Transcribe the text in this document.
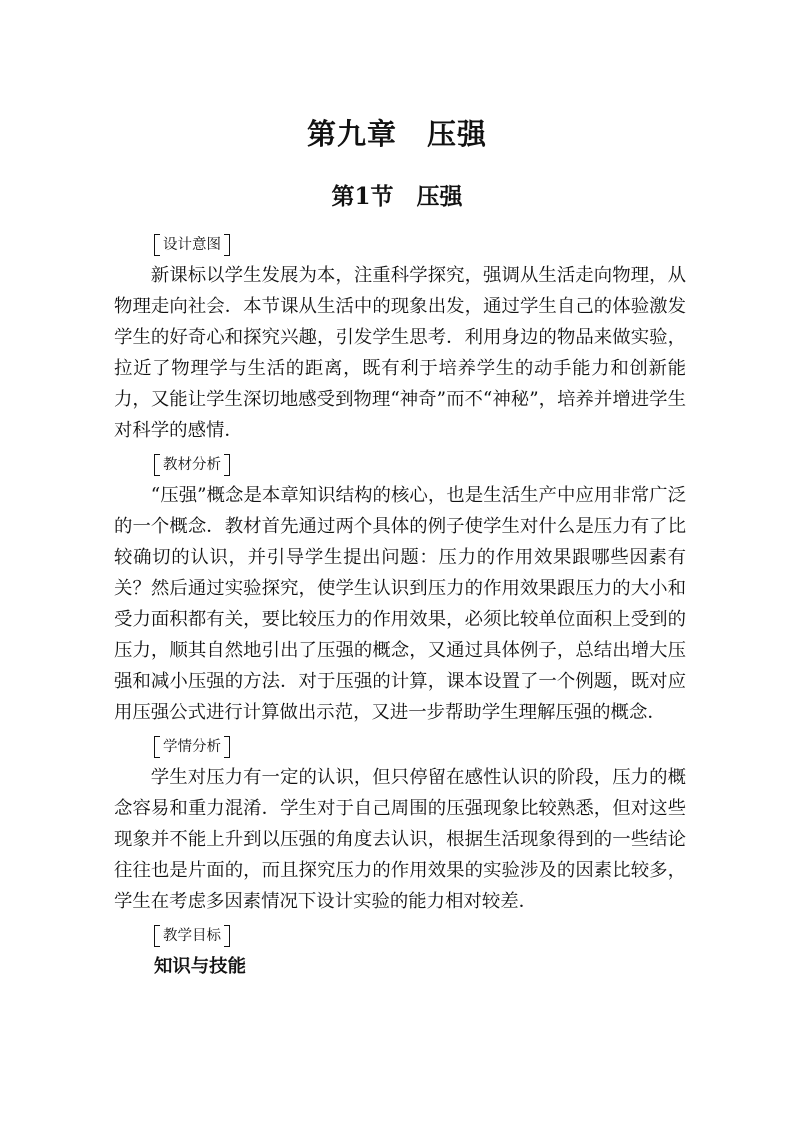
第九章　压强
第1节　压强
设计意图

新课标以学生发展为本，注重科学探究，强调从生活走向物理，从物理走向社会．本节课从生活中的现象出发，通过学生自己的体验激发学生的好奇心和探究兴趣，引发学生思考．利用身边的物品来做实验，拉近了物理学与生活的距离，既有利于培养学生的动手能力和创新能力，又能让学生深切地感受到物理“神奇”而不“神秘”，培养并增进学生对科学的感情．

教材分析

“压强”概念是本章知识结构的核心，也是生活生产中应用非常广泛的一个概念．教材首先通过两个具体的例子使学生对什么是压力有了比较确切的认识，并引导学生提出问题：压力的作用效果跟哪些因素有关？然后通过实验探究，使学生认识到压力的作用效果跟压力的大小和受力面积都有关，要比较压力的作用效果，必须比较单位面积上受到的压力，顺其自然地引出了压强的概念，又通过具体例子，总结出增大压强和减小压强的方法．对于压强的计算，课本设置了一个例题，既对应用压强公式进行计算做出示范，又进一步帮助学生理解压强的概念．

学情分析

学生对压力有一定的认识，但只停留在感性认识的阶段，压力的概念容易和重力混淆．学生对于自己周围的压强现象比较熟悉，但对这些现象并不能上升到以压强的角度去认识，根据生活现象得到的一些结论往往也是片面的，而且探究压力的作用效果的实验涉及的因素比较多，学生在考虑多因素情况下设计实验的能力相对较差．

教学目标

知识与技能
